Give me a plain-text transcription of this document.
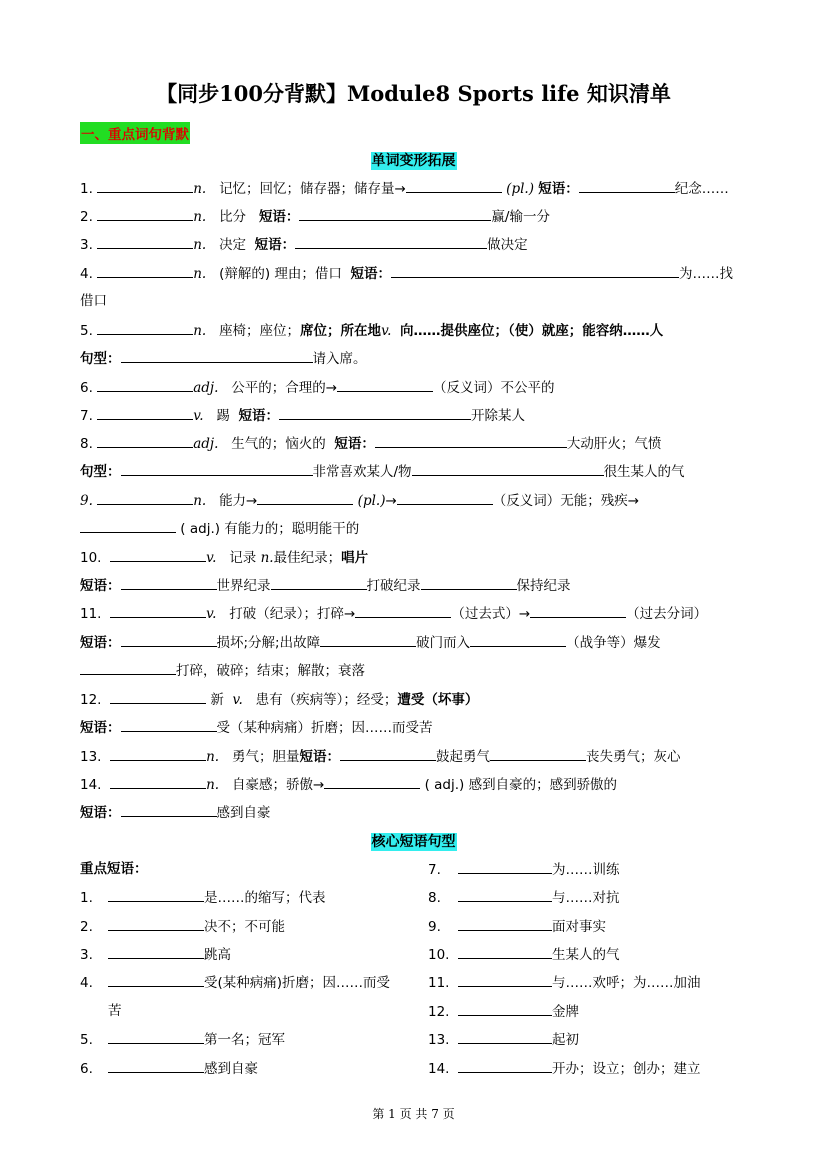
【同步100分背默】Module8 Sports life 知识清单
一、重点词句背默
单词变形拓展
1.	n. 记忆；回忆；储存器；储存量→	(pl.) 短语：	纪念……
2.	n. 比分 短语：	赢/输一分
3.	n. 决定 短语：	做决定
4.	n. (辩解的) 理由；借口 短语：	为……找
借口
5.	n. 座椅；座位；席位；所在地v. 向……提供座位；（使）就座；能容纳……人
句型：	请入席。
6.	adj. 公平的；合理的→	（反义词）不公平的
7.	v. 踢 短语：	开除某人
8.	adj. 生气的；恼火的 短语：	大动肝火；气愤
句型：	非常喜欢某人/物	很生某人的气
9.	n. 能力→	(pl.)→	（反义词）无能；残疾→
( adj.) 有能力的；聪明能干的
10.	v. 记录 n.最佳纪录；唱片
短语：	世界纪录	打破纪录	保持纪录
11.	v. 打破（纪录）；打碎→	（过去式）→	（过去分词）
短语：	损坏;分解;出故障	破门而入	（战争等）爆发
打碎，破碎；结束；解散；衰落
12.	新 v. 患有（疾病等）；经受；遭受（坏事）
短语：	受（某种病痛）折磨；因……而受苦
13.	n. 勇气；胆量短语：	鼓起勇气	丧失勇气；灰心
14.	n. 自豪感；骄傲→	( adj.) 感到自豪的；感到骄傲的
短语：	感到自豪
核心短语句型
重点短语：
1.	是……的缩写；代表
2.	决不；不可能
3.	跳高
4.	受(某种病痛)折磨；因……而受
苦
5.	第一名；冠军
6.	感到自豪
7.	为……训练
8.	与……对抗
9.	面对事实
10.	生某人的气
11.	与……欢呼；为……加油
12.	金牌
13.	起初
14.	开办；设立；创办；建立
第 1 页 共 7 页
